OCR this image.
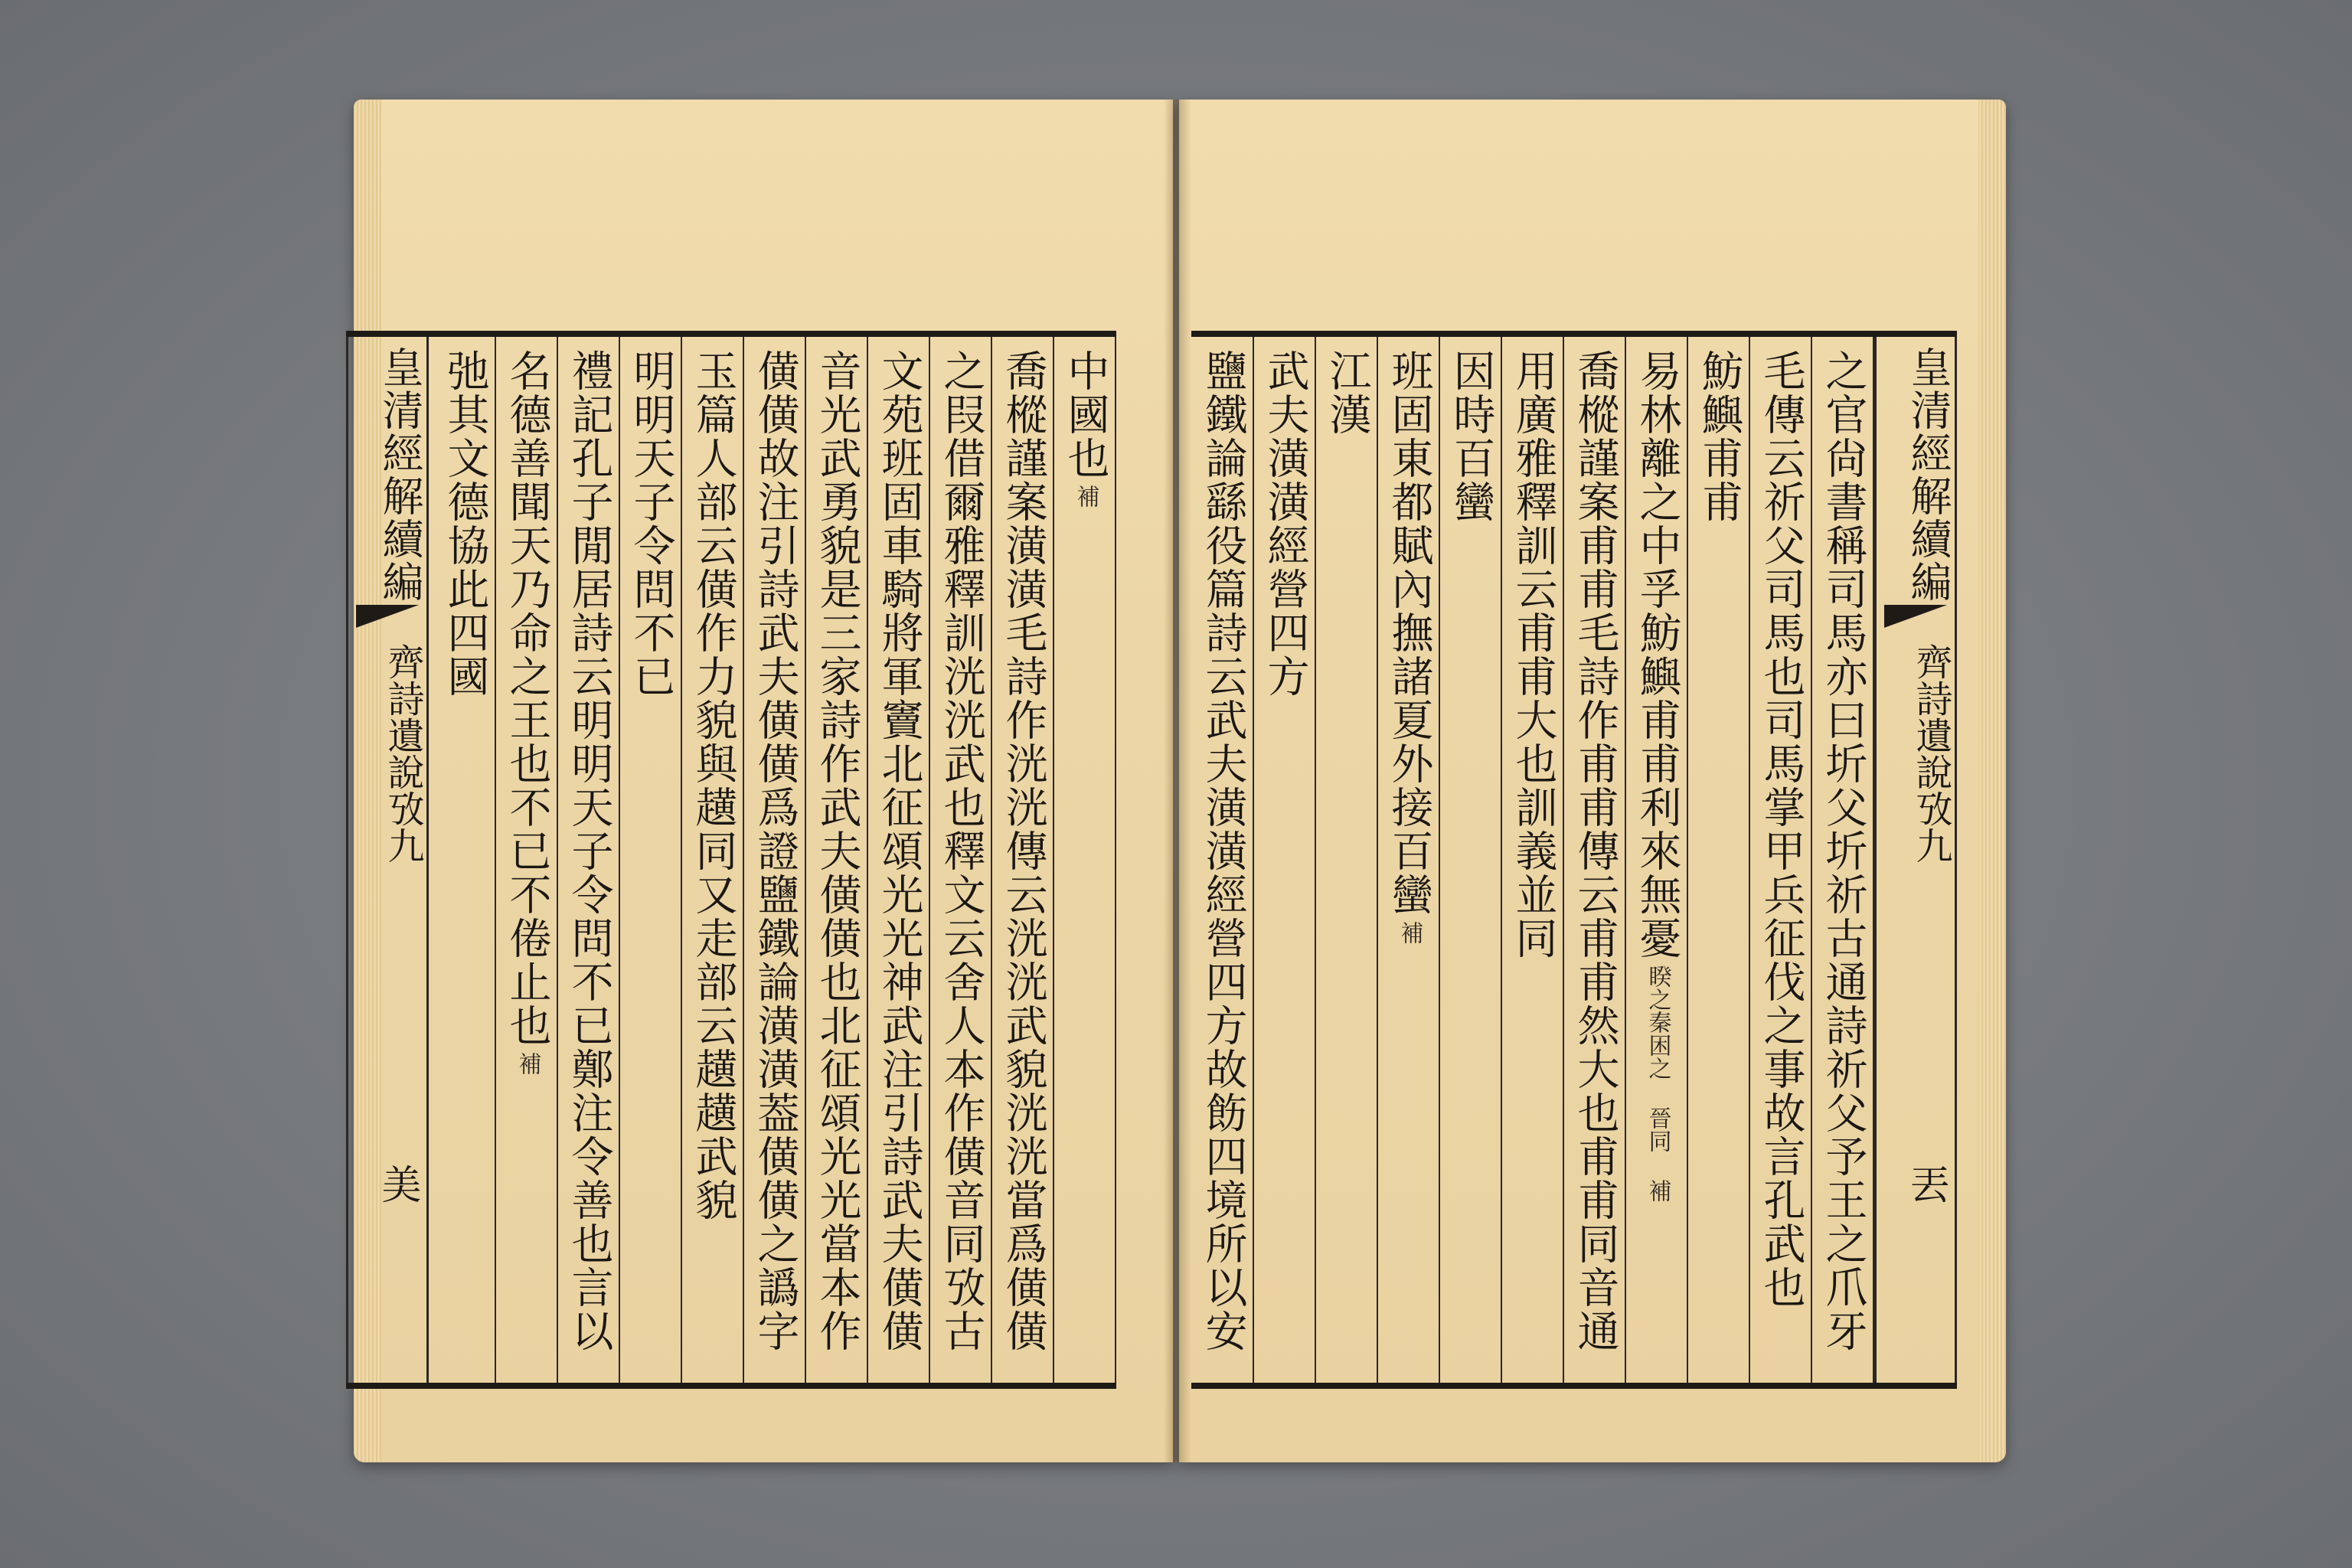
皇清經解續編
齊詩遺說攷九
美
中國也
補
喬樅謹案潢潢毛詩作洸洸傳云洸洸武貌洸洸當爲僙僙
之叚借爾雅釋訓洸洸武也釋文云舍人本作僙音同攷古
文苑班固車騎將軍竇北征頌光光神武注引詩武夫僙僙
音光武勇貌是三家詩作武夫僙僙也北征頌光光當本作
僙僙故注引詩武夫僙僙爲證鹽鐵論潢潢葢僙僙之譌字
玉篇人部云僙作力貌與趪同又走部云趪趪武貌
明明天子令問不已
禮記孔子閒居詩云明明天子令問不已鄭注令善也言以
名德善聞天乃命之王也不已不倦止也
補
弛其文德協此四國	皇清經解續編
齊詩遺說攷九
丟
之官尙書稱司馬亦曰圻父圻祈古通詩祈父予王之爪牙
毛傳云祈父司馬也司馬掌甲兵征伐之事故言孔武也
魴鱮甫甫
易林離之中孚魴鱮甫甫利來無憂
睽之秦困之 晉同 補
喬樅謹案甫甫毛詩作甫甫傳云甫甫然大也甫甫同音通
用廣雅釋訓云甫甫大也訓義並同
因時百蠻
班固東都賦內撫諸夏外接百蠻
補
江漢
武夫潢潢經營四方
鹽鐵論繇役篇詩云武夫潢潢經營四方故飭四境所以安
